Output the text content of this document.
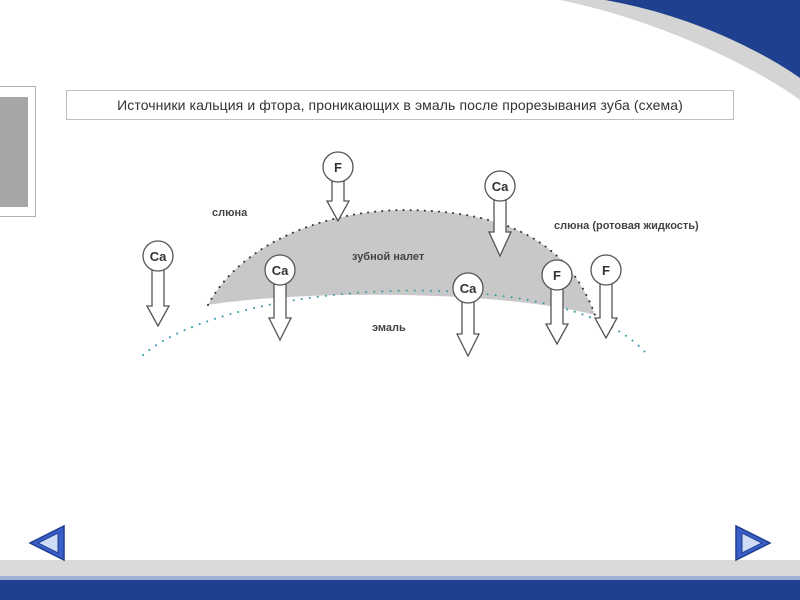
Источники кальция и фтора, проникающих в эмаль после прорезывания зуба (схема)
F
Ca
Ca
Ca
Ca
F	F
слюна
слюна (ротовая жидкость)
зубной налет
эмаль
